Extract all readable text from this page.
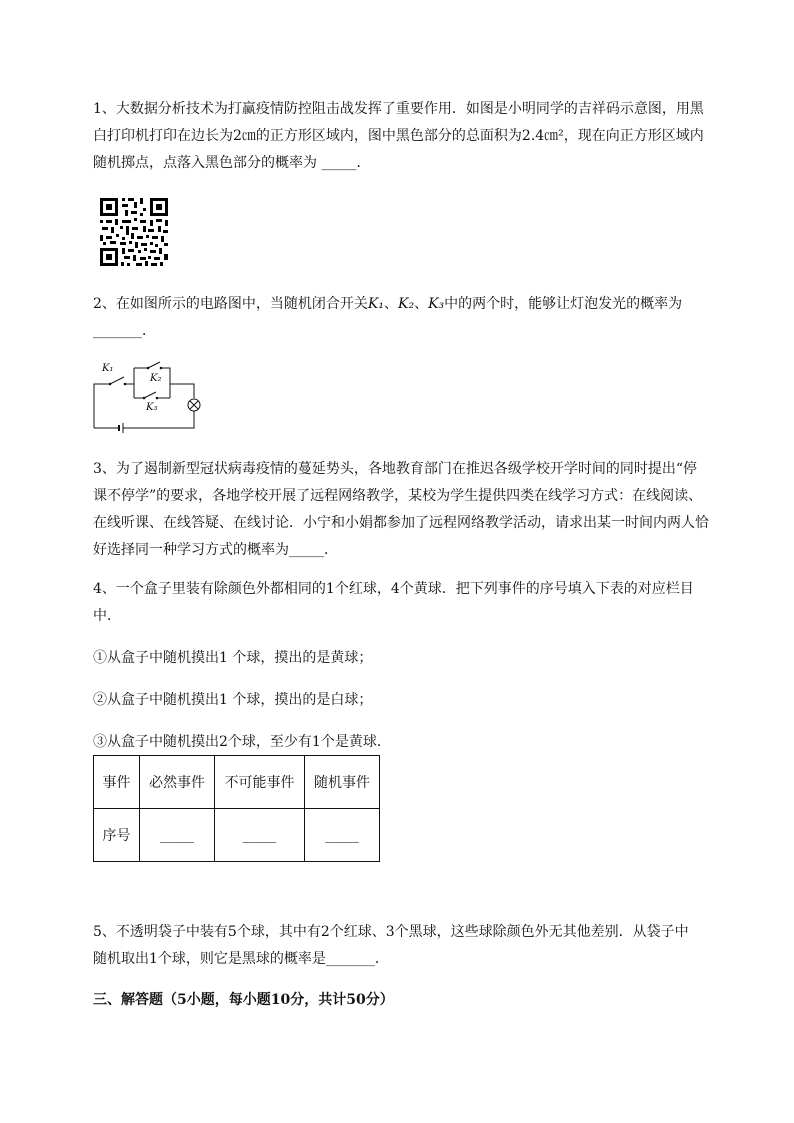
1、大数据分析技术为打赢疫情防控阻击战发挥了重要作用．如图是小明同学的吉祥码示意图，用黑
白打印机打印在边长为2㎝的正方形区域内，图中黑色部分的总面积为2.4㎝²，现在向正方形区域内
随机掷点，点落入黑色部分的概率为 _____．
2、在如图所示的电路图中，当随机闭合开关K₁、K₂、K₃中的两个时，能够让灯泡发光的概率为
_______．
K₁
K₂
K₃
3、为了遏制新型冠状病毒疫情的蔓延势头，各地教育部门在推迟各级学校开学时间的同时提出“停
课不停学”的要求，各地学校开展了远程网络教学，某校为学生提供四类在线学习方式：在线阅读、
在线听课、在线答疑、在线讨论．小宁和小娟都参加了远程网络教学活动，请求出某一时间内两人恰
好选择同一种学习方式的概率为_____．
4、一个盒子里装有除颜色外都相同的1个红球，4个黄球．把下列事件的序号填入下表的对应栏目
中．
①从盒子中随机摸出1 个球，摸出的是黄球；
②从盒子中随机摸出1 个球，摸出的是白球；
③从盒子中随机摸出2个球，至少有1个是黄球．
事件	必然事件	不可能事件	随机事件
序号	____	____	____
5、不透明袋子中装有5个球，其中有2个红球、3个黑球，这些球除颜色外无其他差别．从袋子中
随机取出1个球，则它是黑球的概率是_______．
三、解答题（5小题，每小题10分，共计50分）
